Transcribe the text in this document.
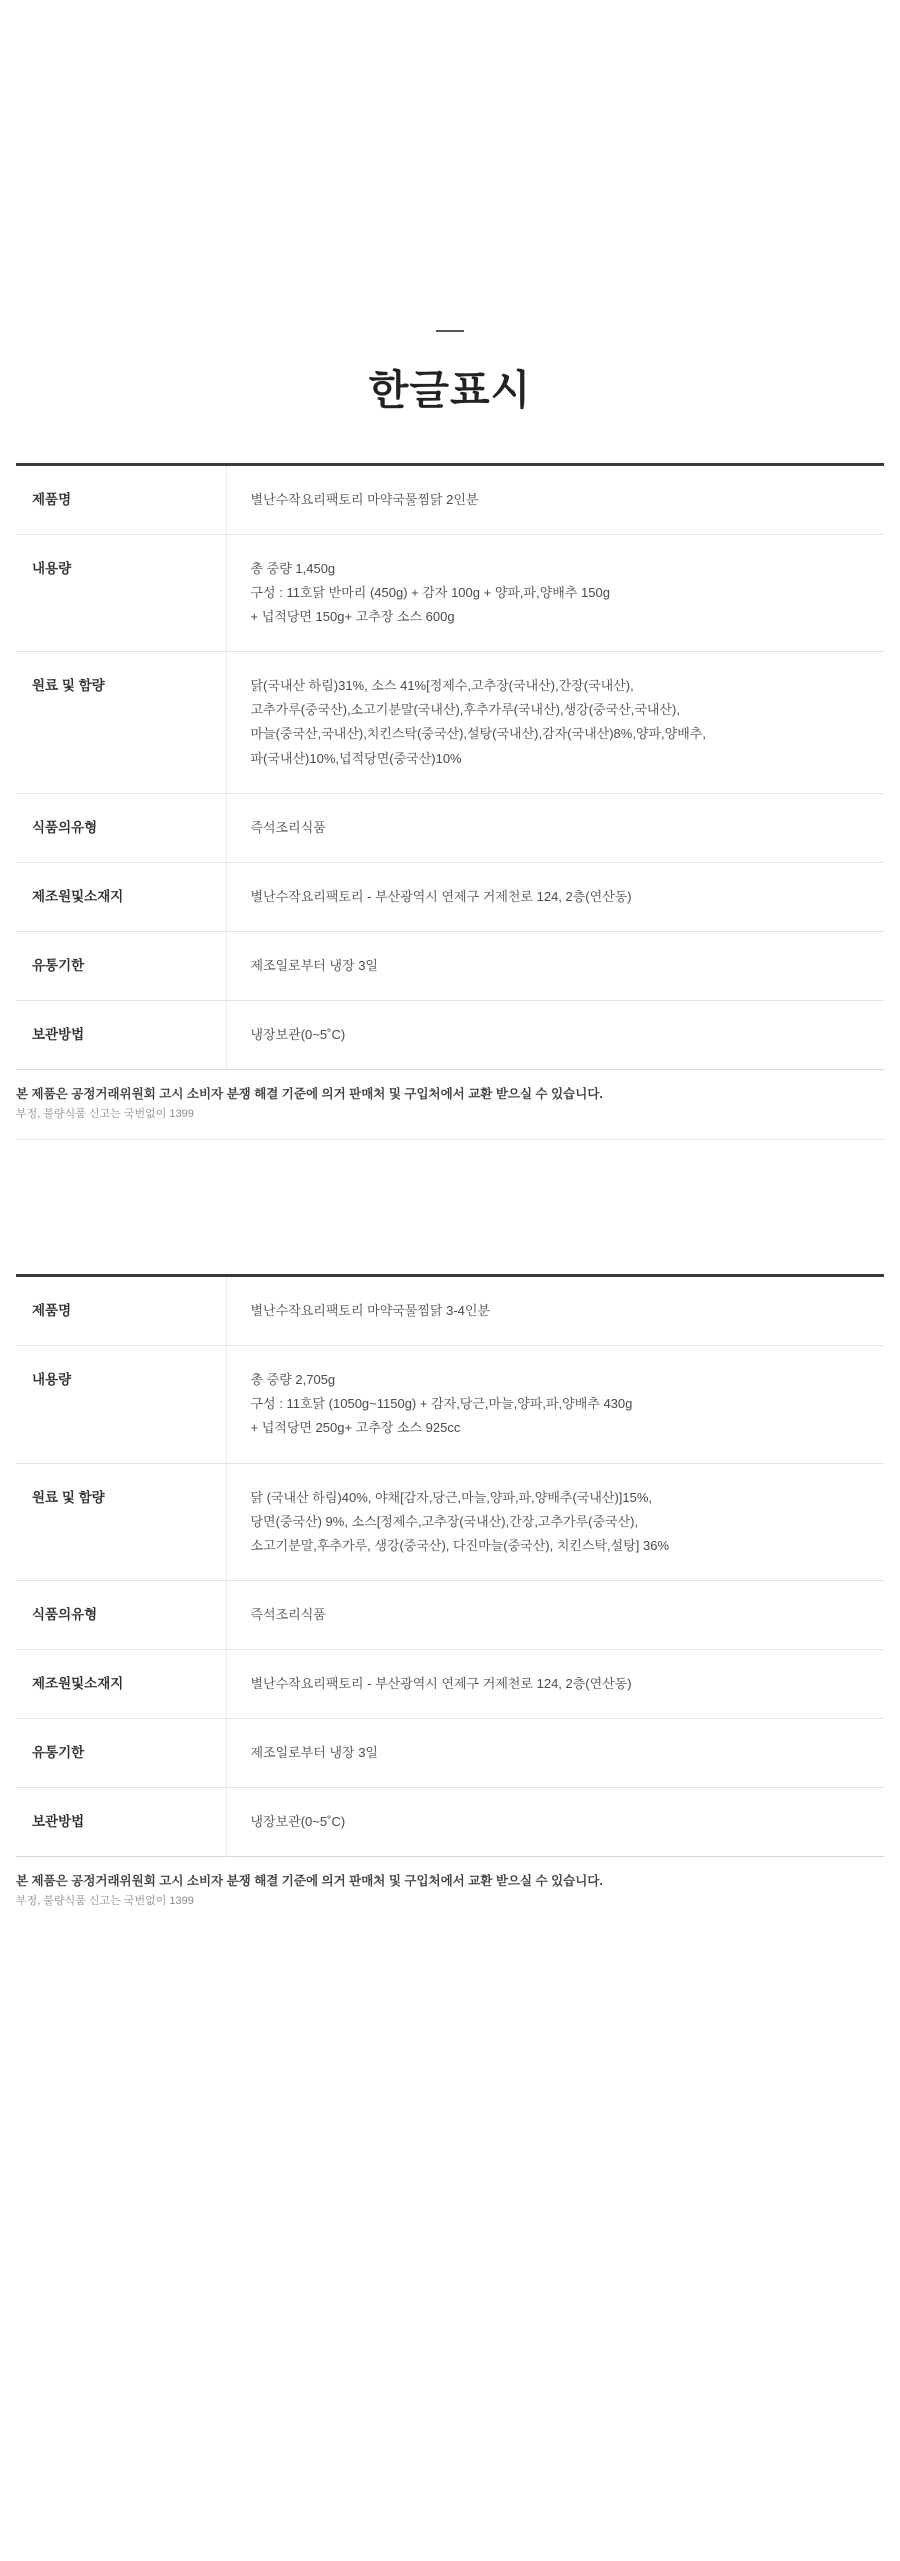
한글표시
제품명	별난수작요리팩토리 마약국물찜닭 2인분

내용량	총 중량 1,450g
구성 : 11호닭 반마리 (450g) + 감자 100g + 양파,파,양배추 150g
+ 넙적당면 150g+ 고추장 소스 600g

원료 및 함량	닭(국내산 하림)31%, 소스 41%[정제수,고추장(국내산),간장(국내산),
고추가루(중국산),소고기분말(국내산),후추가루(국내산),생강(중국산,국내산),
마늘(중국산,국내산),치킨스탁(중국산),설탕(국내산),감자(국내산)8%,양파,양배추,
파(국내산)10%,넙적당면(중국산)10%

식품의유형	즉석조리식품

제조원및소재지	별난수작요리팩토리 - 부산광역시 연제구 거제천로 124, 2층(연산동)

유통기한	제조일로부터 냉장 3일

보관방법	냉장보관(0~5˚C)
본 제품은 공정거래위원회 고시 소비자 분쟁 해결 기준에 의거 판매처 및 구입처에서 교환 받으실 수 있습니다.
부정, 불량식품 신고는 국번없이 1399
제품명	별난수작요리팩토리 마약국물찜닭 3-4인분

내용량	총 중량 2,705g
구성 : 11호닭 (1050g~1150g) + 감자,당근,마늘,양파,파,양배추 430g
+ 넙적당면 250g+ 고추장 소스 925cc

원료 및 함량	닭 (국내산 하림)40%, 야채[감자,당근,마늘,양파,파,양배추(국내산)]15%,
당면(중국산) 9%, 소스[정제수,고추장(국내산),간장,고추가루(중국산),
소고기분말,후추가루, 생강(중국산), 다진마늘(중국산), 치킨스탁,설탕] 36%

식품의유형	즉석조리식품

제조원및소재지	별난수작요리팩토리 - 부산광역시 연제구 거제천로 124, 2층(연산동)

유통기한	제조일로부터 냉장 3일

보관방법	냉장보관(0~5˚C)
본 제품은 공정거래위원회 고시 소비자 분쟁 해결 기준에 의거 판매처 및 구입처에서 교환 받으실 수 있습니다.
부정, 불량식품 신고는 국번없이 1399
